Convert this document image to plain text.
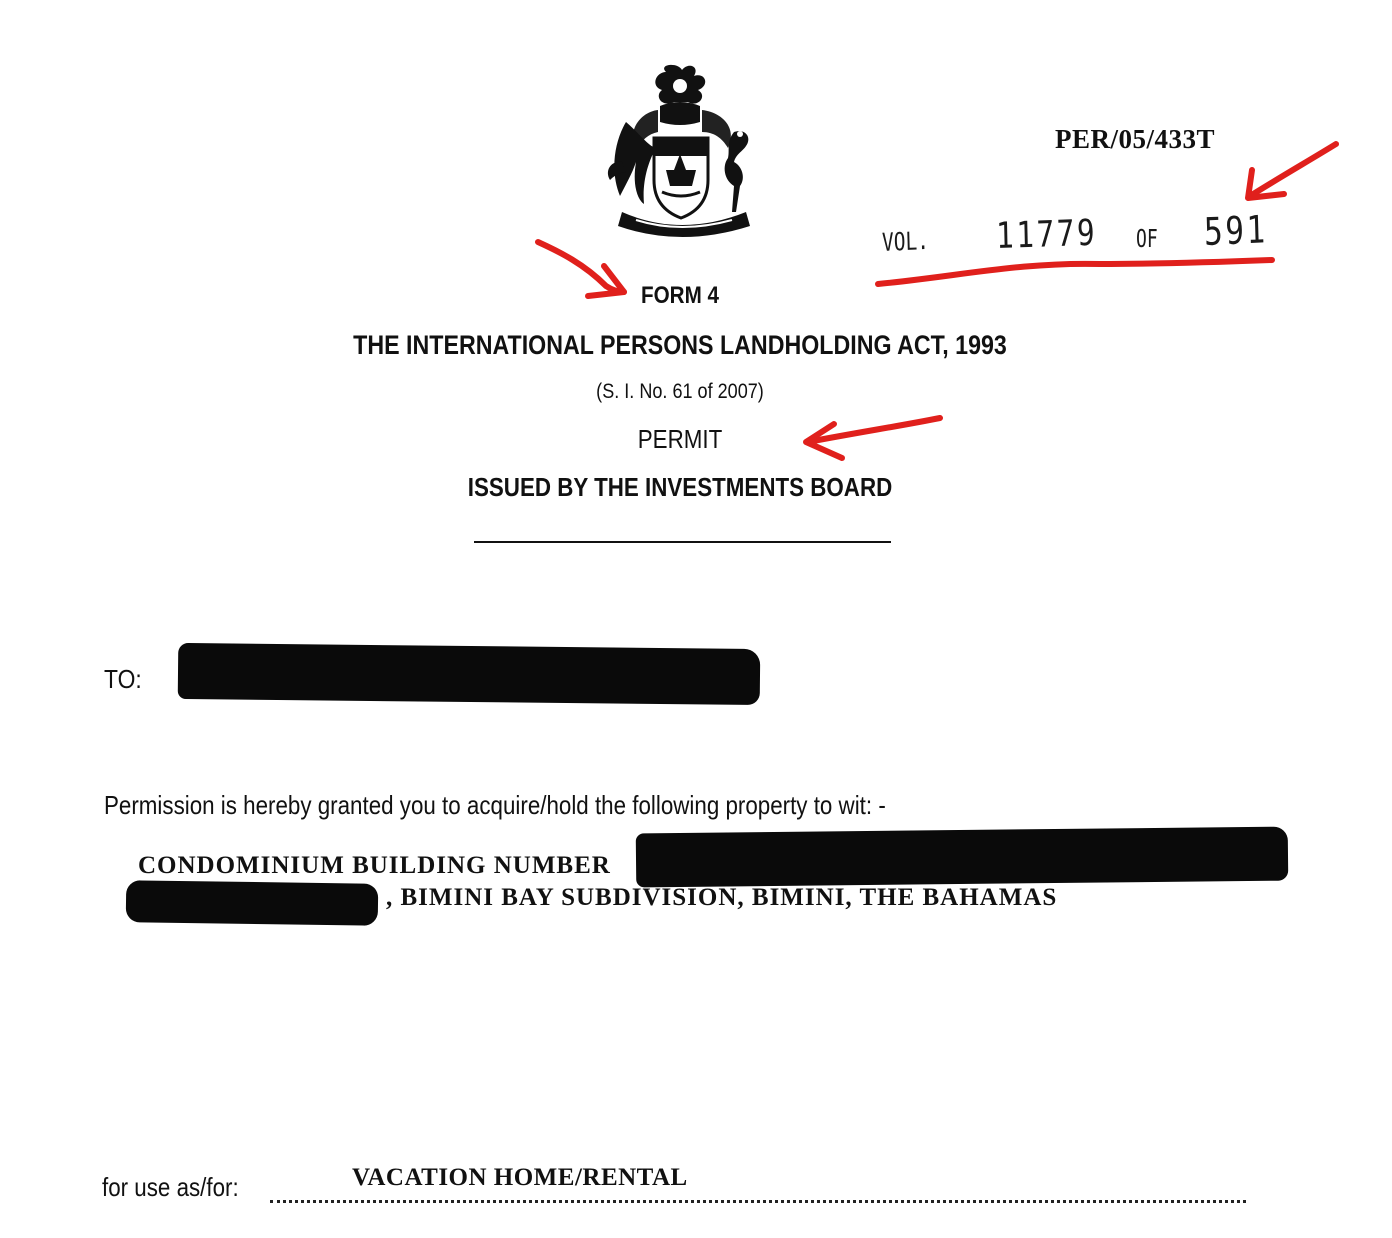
PER/05/433T
VOL. 11779 OF 591
FORM 4
THE INTERNATIONAL PERSONS LANDHOLDING ACT, 1993
(S. I. No. 61 of 2007)
PERMIT
ISSUED BY THE INVESTMENTS BOARD
TO:
Permission is hereby granted you to acquire/hold the following property to wit: -
CONDOMINIUM BUILDING NUMBER
, BIMINI BAY SUBDIVISION, BIMINI, THE BAHAMAS
for use as/for:	VACATION HOME/RENTAL
